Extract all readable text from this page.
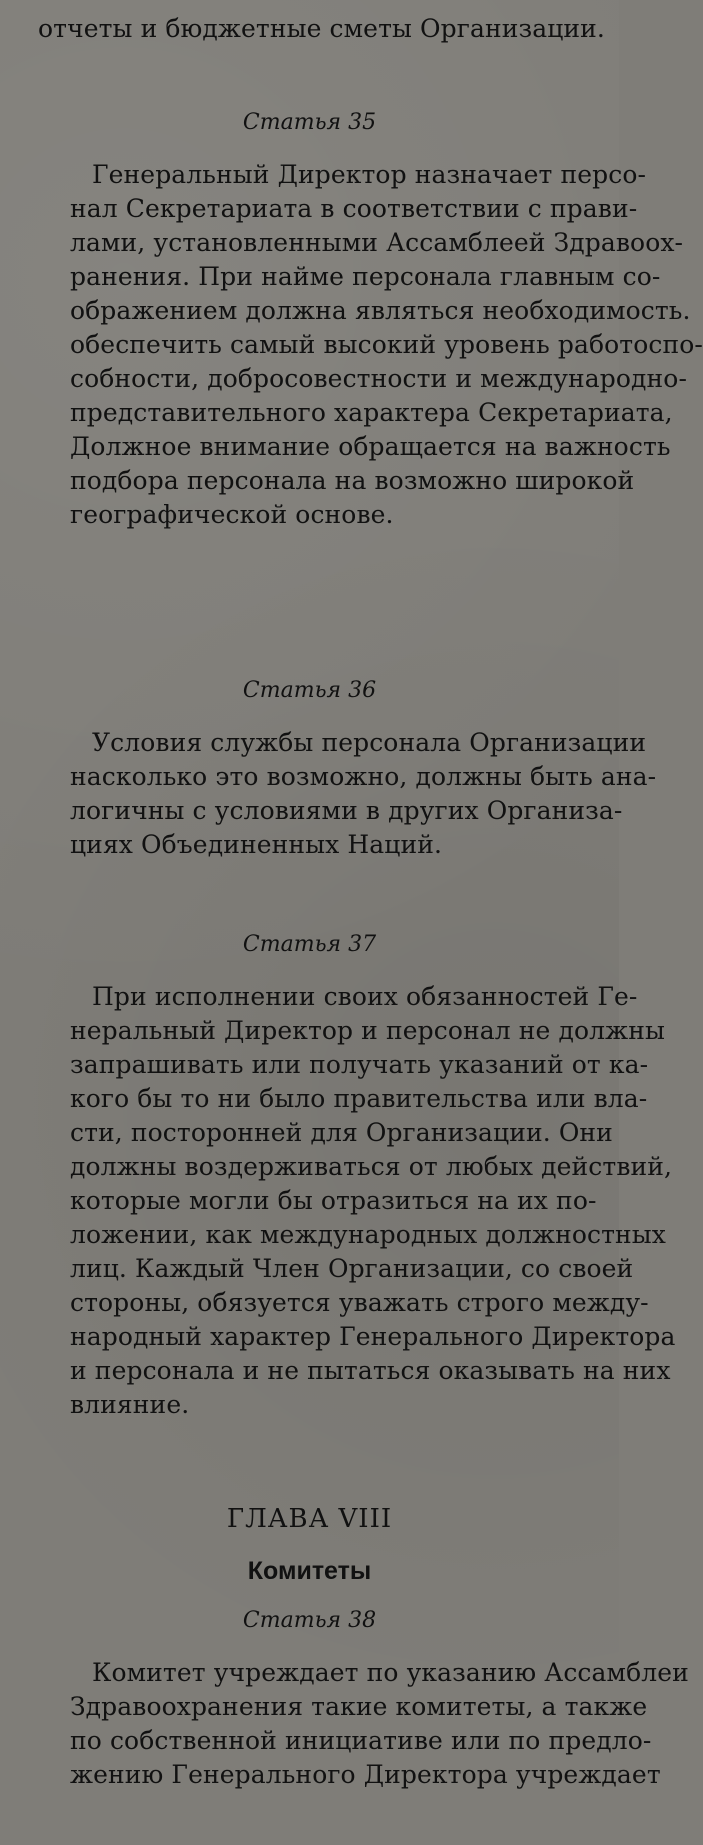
отчеты и бюджетные сметы Организации.

Статья 35

Генеральный Директор назначает персо-

нал Секретариата в соответствии с прави-

лами, установленными Ассамблеей Здравоох-

ранения. При найме персонала главным со-

ображением должна являться необходимость.

обеспечить самый высокий уровень работоспо-

собности, добросовестности и международно-

представительного характера Секретариата,

Должное внимание обращается на важность

подбора персонала на возможно широкой

географической основе.

Статья 36

Условия службы персонала Организации

насколько это возможно, должны быть ана-

логичны с условиями в других Организа-

циях Объединенных Наций.

Статья 37

При исполнении своих обязанностей Ге-

неральный Директор и персонал не должны

запрашивать или получать указаний от ка-

кого бы то ни было правительства или вла-

сти, посторонней для Организации. Они

должны воздерживаться от любых действий,

которые могли бы отразиться на их по-

ложении, как международных должностных

лиц. Каждый Член Организации, со своей

стороны, обязуется уважать строго между-

народный характер Генерального Директора

и персонала и не пытаться оказывать на них

влияние.

ГЛАВА VIII

Комитеты

Статья 38

Комитет учреждает по указанию Ассамблеи

Здравоохранения такие комитеты, а также

по собственной инициативе или по предло-

жению Генерального Директора учреждает
